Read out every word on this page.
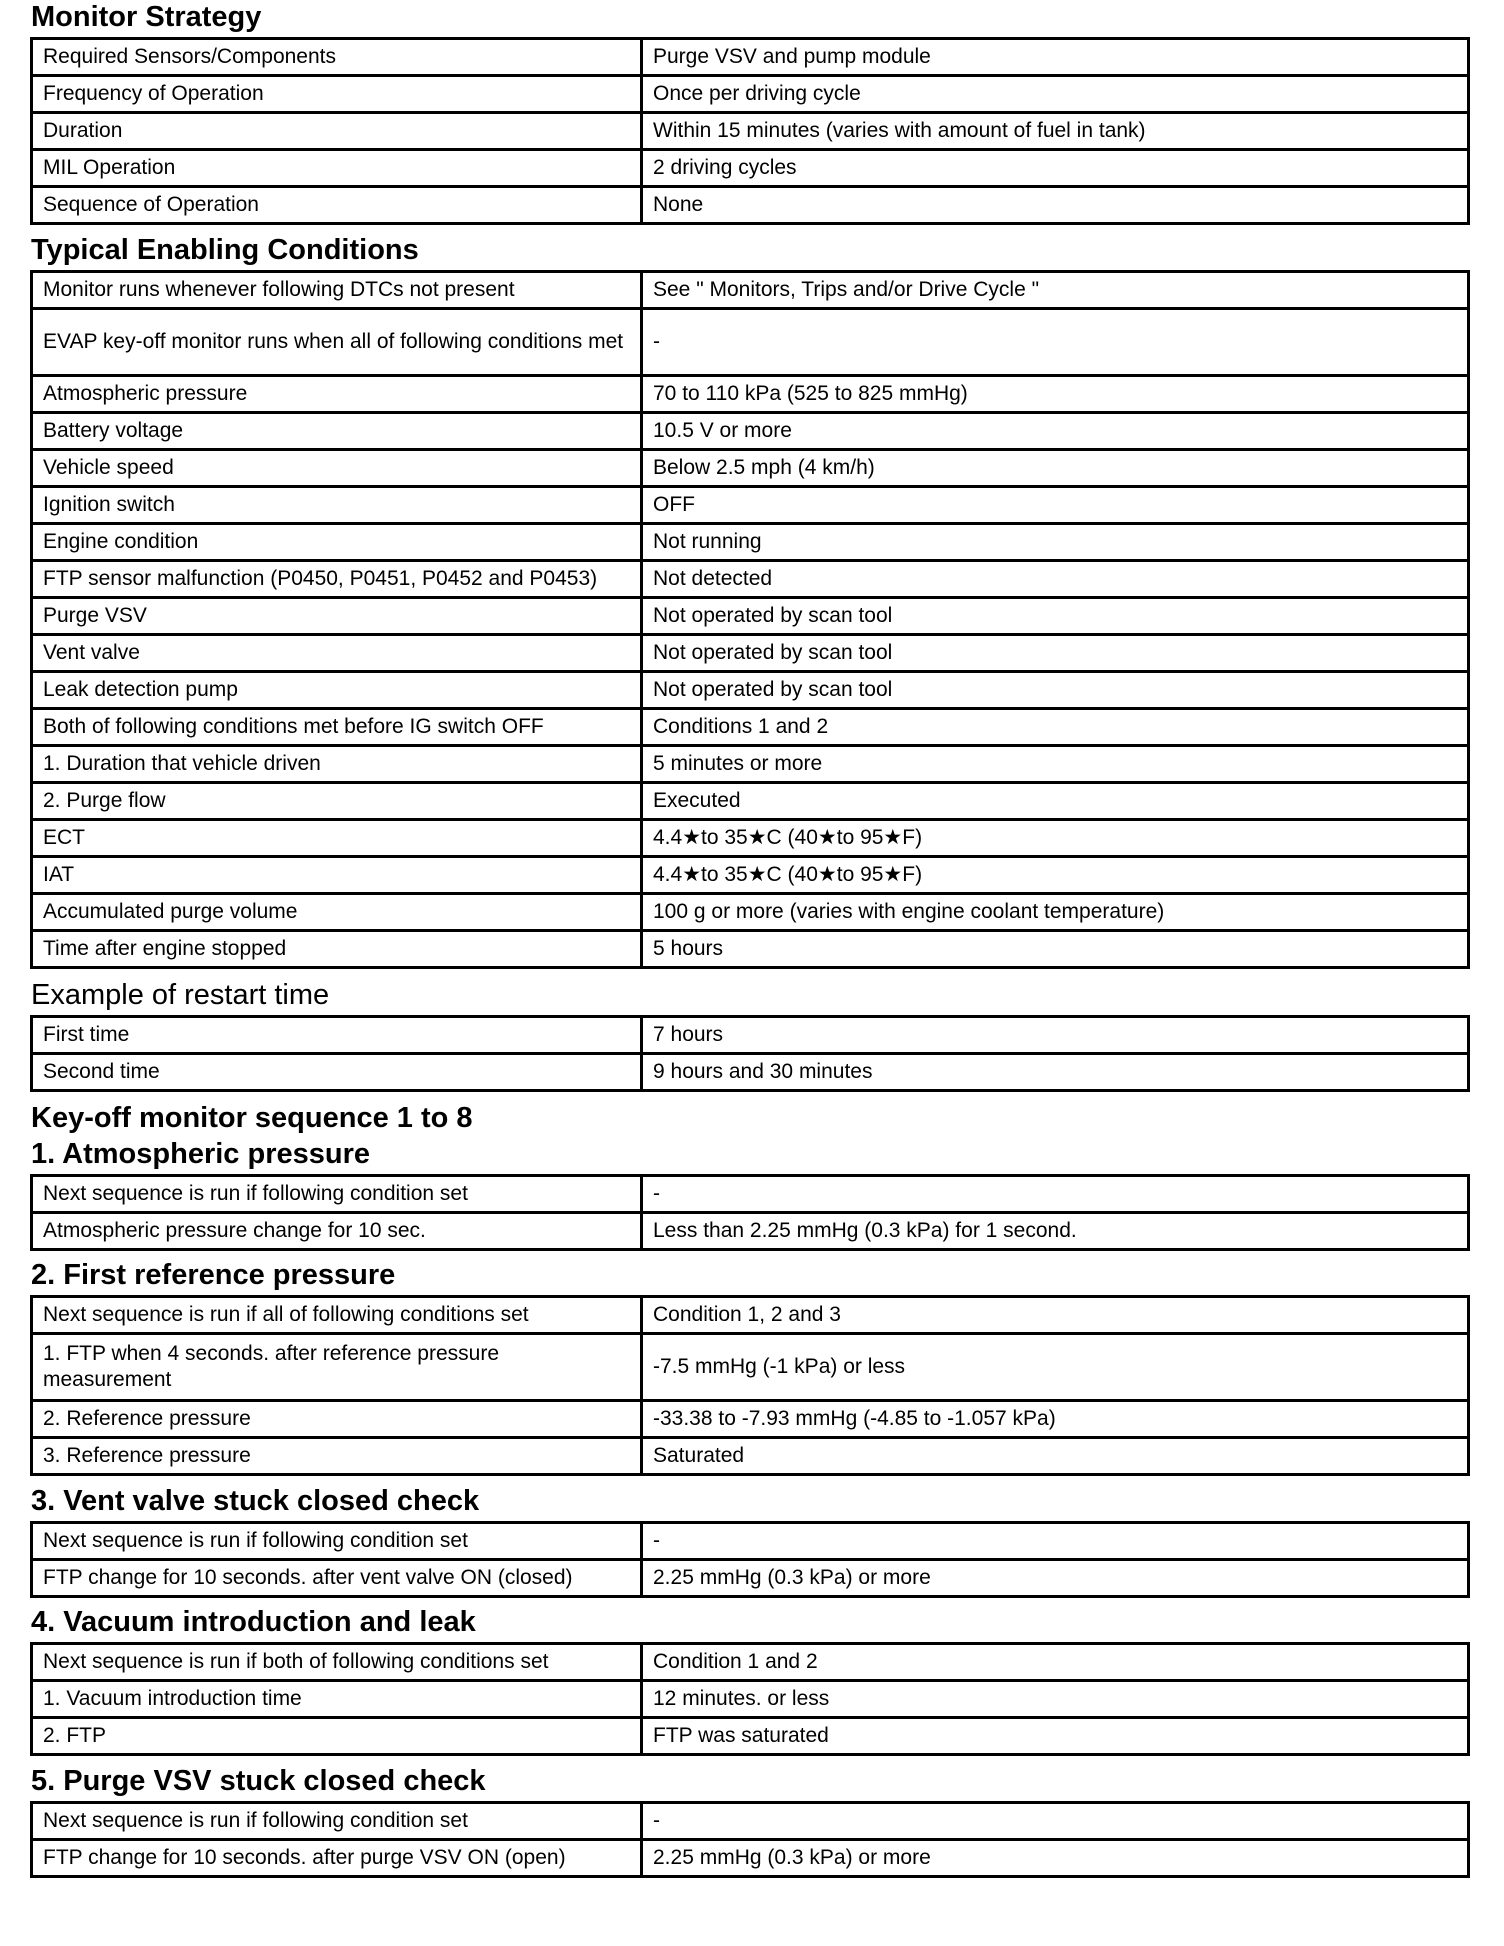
Monitor Strategy
Required Sensors/Components	Purge VSV and pump module
Frequency of Operation	Once per driving cycle
Duration	Within 15 minutes (varies with amount of fuel in tank)
MIL Operation	2 driving cycles
Sequence of Operation	None
Typical Enabling Conditions
Monitor runs whenever following DTCs not present	See " Monitors, Trips and/or Drive Cycle "
EVAP key-off monitor runs when all of following conditions met	-
Atmospheric pressure	70 to 110 kPa (525 to 825 mmHg)
Battery voltage	10.5 V or more
Vehicle speed	Below 2.5 mph (4 km/h)
Ignition switch	OFF
Engine condition	Not running
FTP sensor malfunction (P0450, P0451, P0452 and P0453)	Not detected
Purge VSV	Not operated by scan tool
Vent valve	Not operated by scan tool
Leak detection pump	Not operated by scan tool
Both of following conditions met before IG switch OFF	Conditions 1 and 2
1. Duration that vehicle driven	5 minutes or more
2. Purge flow	Executed
ECT	4.4★to 35★C (40★to 95★F)
IAT	4.4★to 35★C (40★to 95★F)
Accumulated purge volume	100 g or more (varies with engine coolant temperature)
Time after engine stopped	5 hours
Example of restart time
First time	7 hours
Second time	9 hours and 30 minutes
Key-off monitor sequence 1 to 8
1. Atmospheric pressure
Next sequence is run if following condition set	-
Atmospheric pressure change for 10 sec.	Less than 2.25 mmHg (0.3 kPa) for 1 second.
2. First reference pressure
Next sequence is run if all of following conditions set	Condition 1, 2 and 3
1. FTP when 4 seconds. after reference pressure measurement	-7.5 mmHg (-1 kPa) or less
2. Reference pressure	-33.38 to -7.93 mmHg (-4.85 to -1.057 kPa)
3. Reference pressure	Saturated
3. Vent valve stuck closed check
Next sequence is run if following condition set	-
FTP change for 10 seconds. after vent valve ON (closed)	2.25 mmHg (0.3 kPa) or more
4. Vacuum introduction and leak
Next sequence is run if both of following conditions set	Condition 1 and 2
1. Vacuum introduction time	12 minutes. or less
2. FTP	FTP was saturated
5. Purge VSV stuck closed check
Next sequence is run if following condition set	-
FTP change for 10 seconds. after purge VSV ON (open)	2.25 mmHg (0.3 kPa) or more
